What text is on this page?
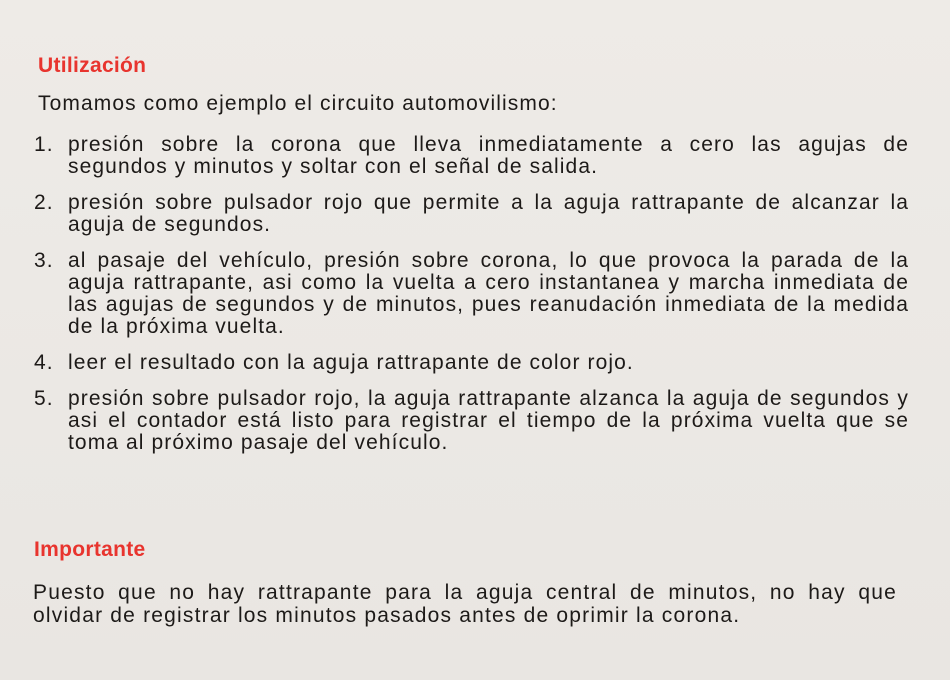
Utilización

Tomamos como ejemplo el circuito automovilismo:

1. presión sobre la corona que lleva inmediatamente a cero las agujas de segundos y minutos y soltar con el señal de salida.
2. presión sobre pulsador rojo que permite a la aguja rattrapante de alcanzar la aguja de segundos.
3. al pasaje del vehículo, presión sobre corona, lo que provoca la parada de la aguja rattrapante, asi como la vuelta a cero instantanea y marcha inmediata de las agujas de segundos y de minutos, pues reanudación inmediata de la medida de la próxima vuelta.
4. leer el resultado con la aguja rattrapante de color rojo.
5. presión sobre pulsador rojo, la aguja rattrapante alzanca la aguja de segundos y asi el contador está listo para registrar el tiempo de la próxima vuelta que se toma al próximo pasaje del vehículo.
Importante

Puesto que no hay rattrapante para la aguja central de minutos, no hay que olvidar de registrar los minutos pasados antes de oprimir la corona.
